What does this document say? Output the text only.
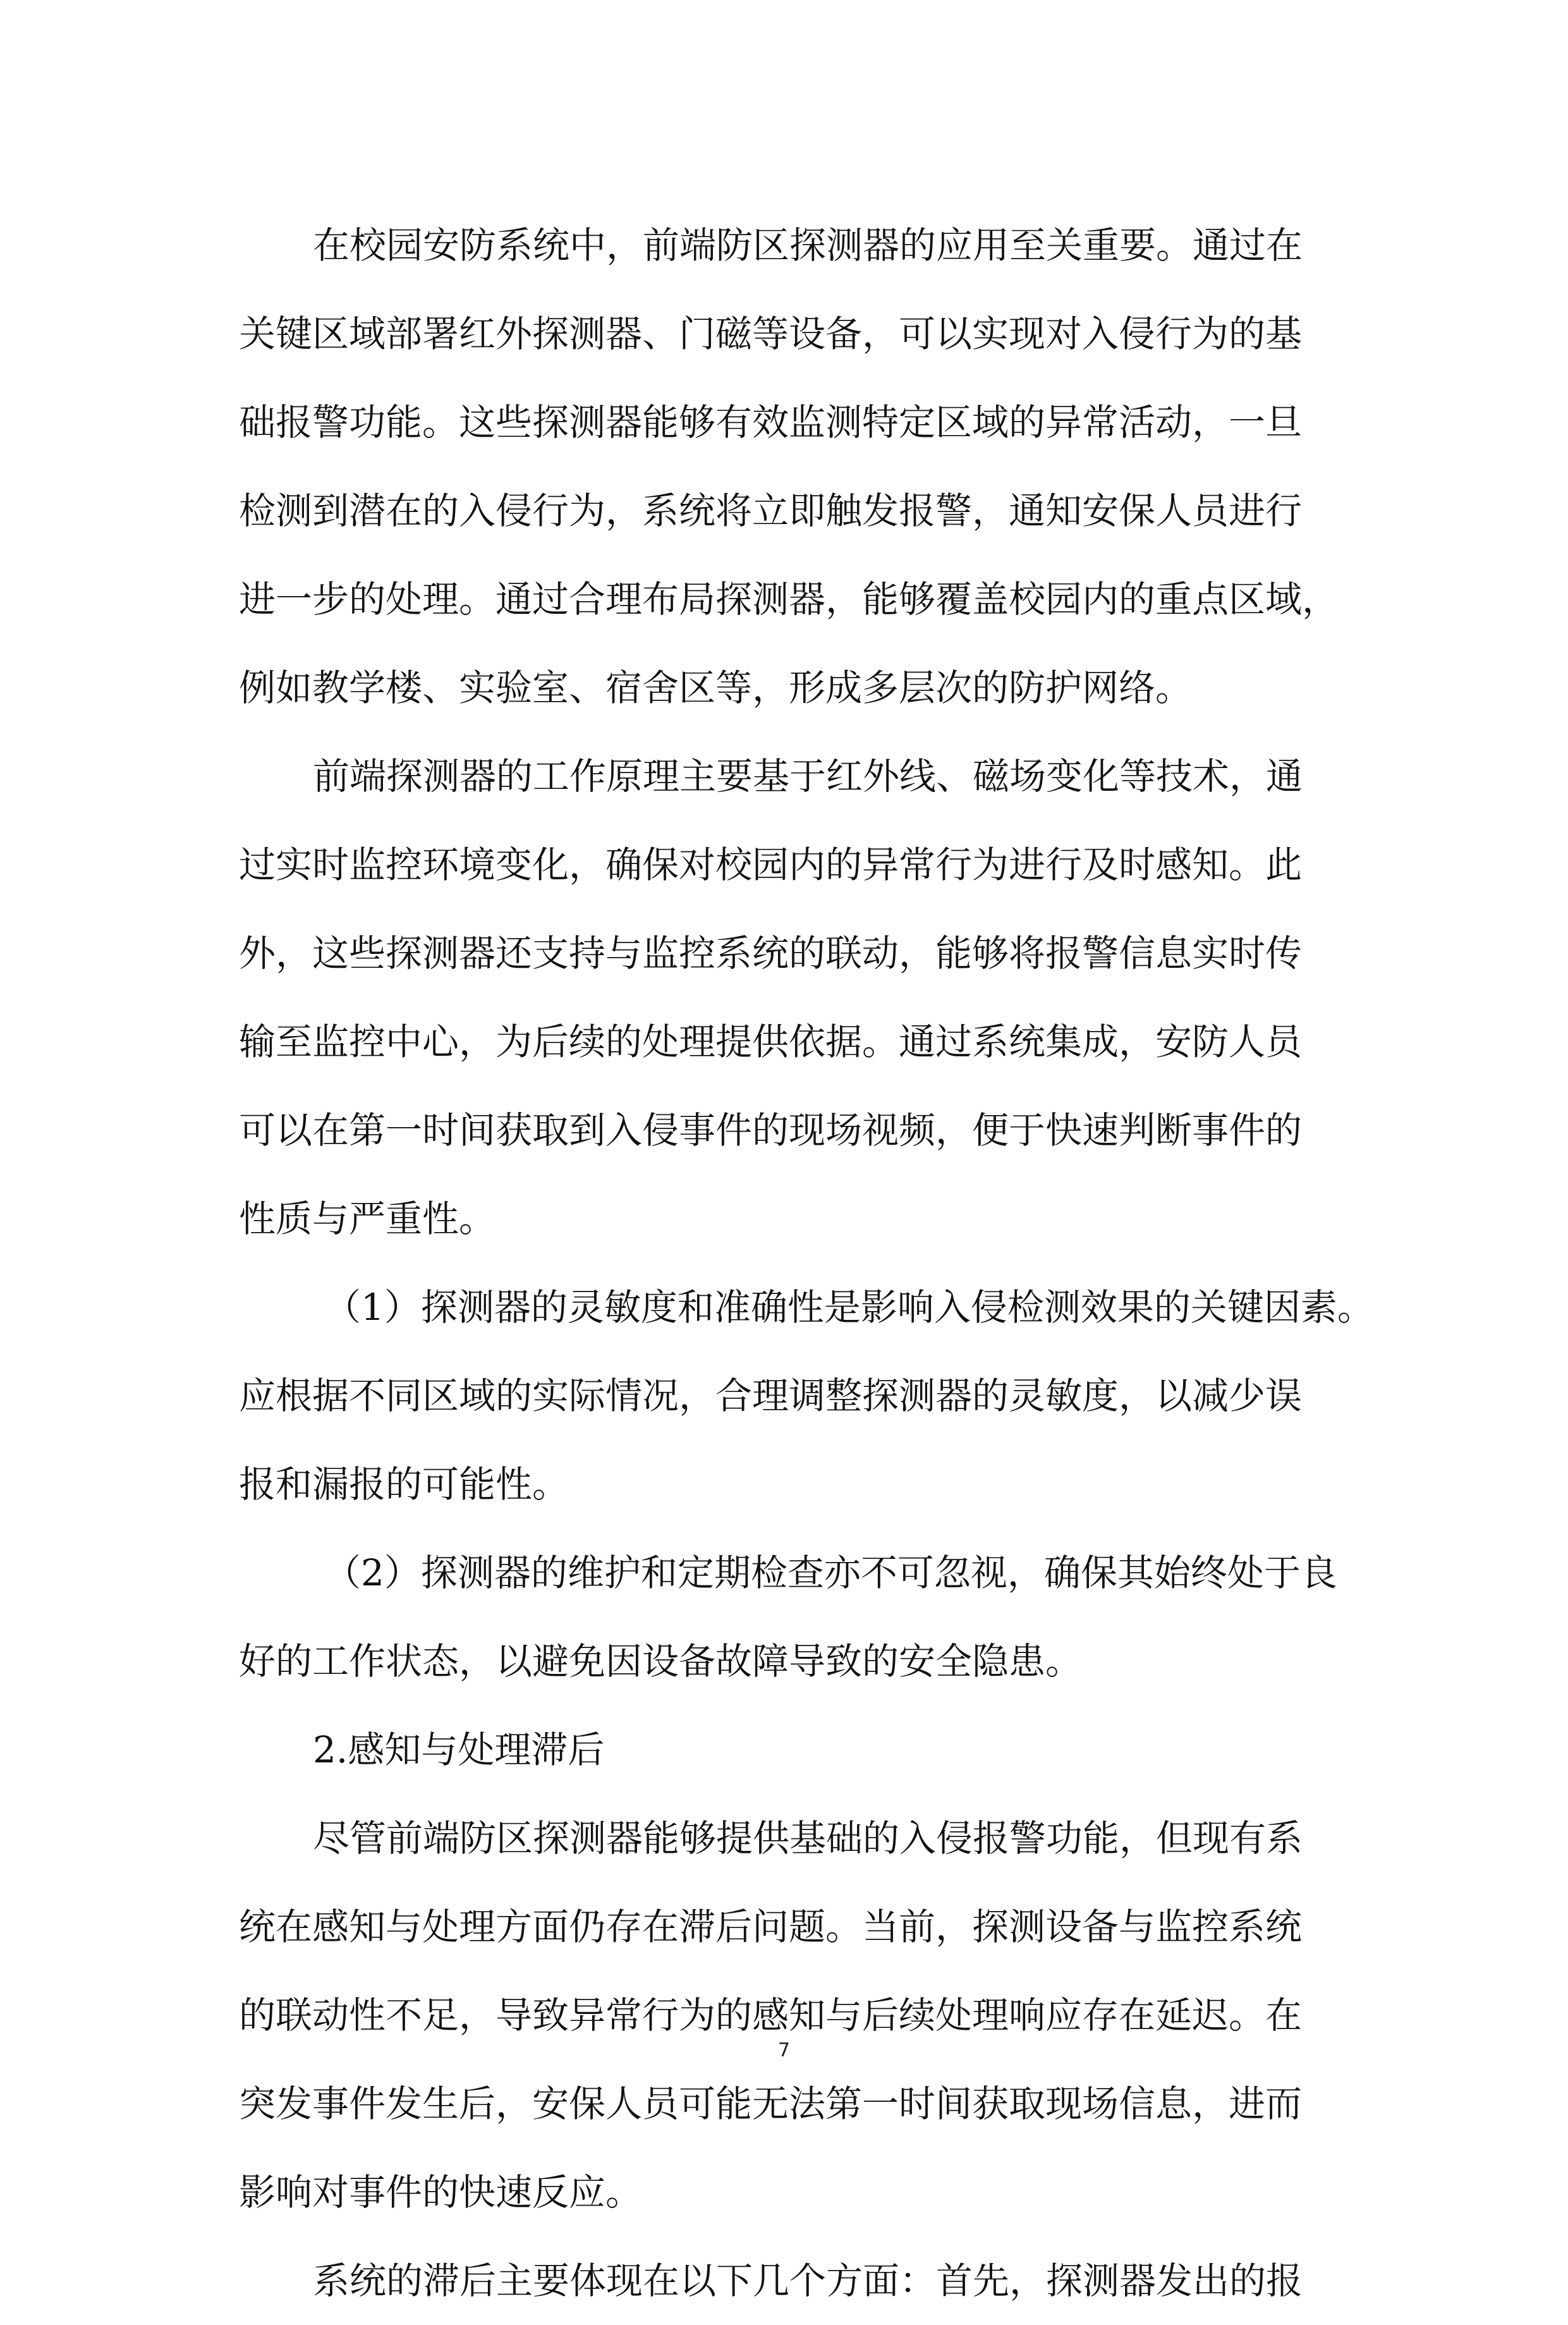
在校园安防系统中，前端防区探测器的应用至关重要。通过在
关键区域部署红外探测器、门磁等设备，可以实现对入侵行为的基
础报警功能。这些探测器能够有效监测特定区域的异常活动，一旦
检测到潜在的入侵行为，系统将立即触发报警，通知安保人员进行
进一步的处理。通过合理布局探测器，能够覆盖校园内的重点区域，
例如教学楼、实验室、宿舍区等，形成多层次的防护网络。
前端探测器的工作原理主要基于红外线、磁场变化等技术，通
过实时监控环境变化，确保对校园内的异常行为进行及时感知。此
外，这些探测器还支持与监控系统的联动，能够将报警信息实时传
输至监控中心，为后续的处理提供依据。通过系统集成，安防人员
可以在第一时间获取到入侵事件的现场视频，便于快速判断事件的
性质与严重性。
（1）探测器的灵敏度和准确性是影响入侵检测效果的关键因素。
应根据不同区域的实际情况，合理调整探测器的灵敏度，以减少误
报和漏报的可能性。
（2）探测器的维护和定期检查亦不可忽视，确保其始终处于良
好的工作状态，以避免因设备故障导致的安全隐患。
2.感知与处理滞后
尽管前端防区探测器能够提供基础的入侵报警功能，但现有系
统在感知与处理方面仍存在滞后问题。当前，探测设备与监控系统
的联动性不足，导致异常行为的感知与后续处理响应存在延迟。在
突发事件发生后，安保人员可能无法第一时间获取现场信息，进而
影响对事件的快速反应。
系统的滞后主要体现在以下几个方面：首先，探测器发出的报
7
